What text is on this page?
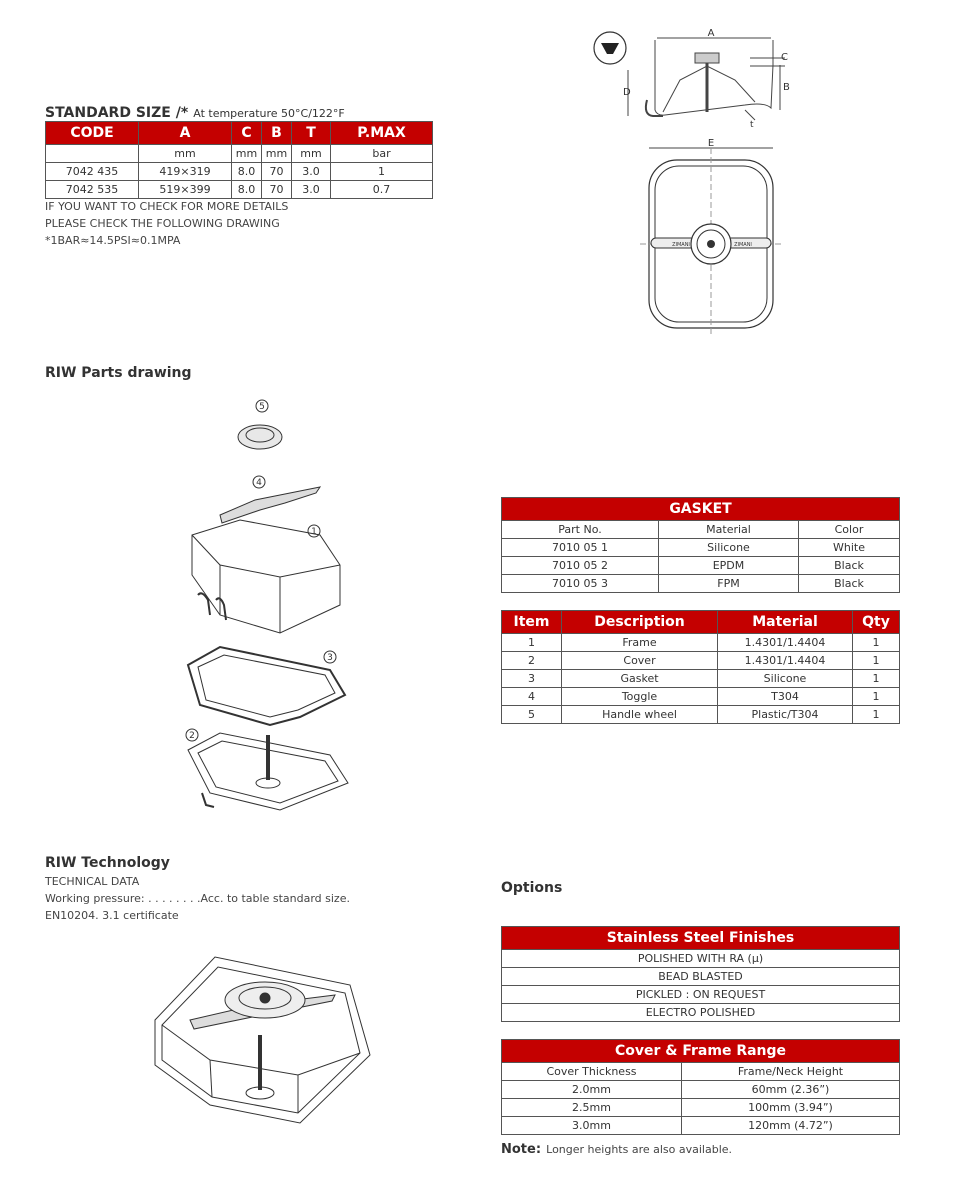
STANDARD SIZE /* At temperature 50°C/122°F
CODE	A	C	B	T	P.MAX
	mm	mm	mm	mm	bar
7042 435	419×319	8.0	70	3.0	1
7042 535	519×399	8.0	70	3.0	0.7
IF YOU WANT TO CHECK FOR MORE DETAILS
PLEASE CHECK THE FOLLOWING DRAWING
*1BAR≈14.5PSI≈0.1MPA
A
C
B
D
t
E
ZIMANI	ZIMANI
RIW Parts drawing
5
4
1
3
2
GASKET		
Part No.	Material	Color
7010 05 1	Silicone	White
7010 05 2	EPDM	Black
7010 05 3	FPM	Black
Item	Description	Material	Qty
1	Frame	1.4301/1.4404	1
2	Cover	1.4301/1.4404	1
3	Gasket	Silicone	1
4	Toggle	T304	1
5	Handle wheel	Plastic/T304	1
RIW Technology
TECHNICAL DATA
Working pressure: . . . . . . . .Acc. to table standard size.
EN10204. 3.1 certificate
Options
Stainless Steel Finishes
POLISHED WITH RA (μ)
BEAD BLASTED
PICKLED : ON REQUEST
ELECTRO POLISHED
Cover & Frame Range	
Cover Thickness	Frame/Neck Height
2.0mm	60mm (2.36”)
2.5mm	100mm (3.94”)
3.0mm	120mm (4.72”)
Note: Longer heights are also available.
